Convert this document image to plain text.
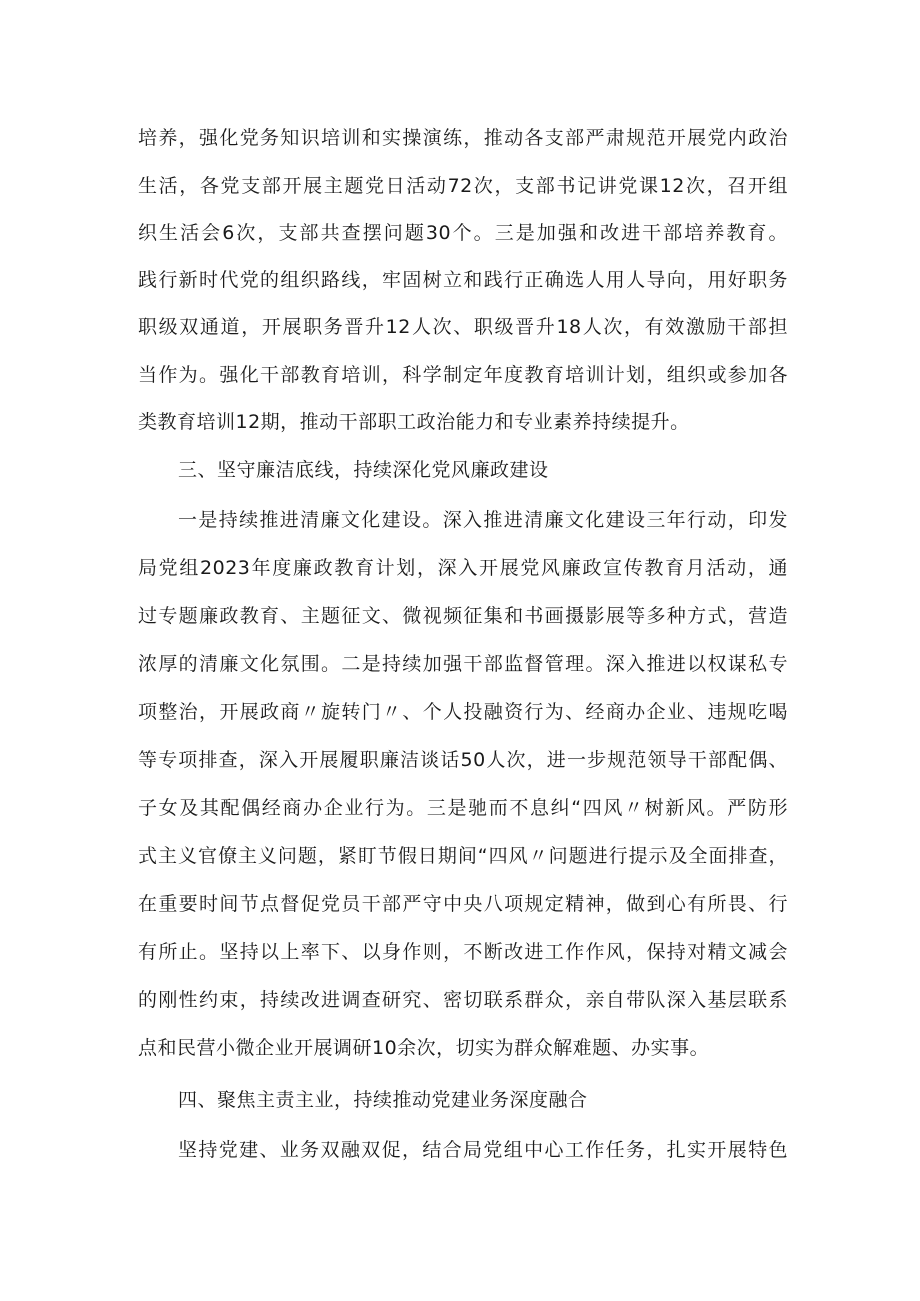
培养，强化党务知识培训和实操演练，推动各支部严肃规范开展党内政治
生活，各党支部开展主题党日活动72次，支部书记讲党课12次，召开组
织生活会6次，支部共查摆问题30个。三是加强和改进干部培养教育。
践行新时代党的组织路线，牢固树立和践行正确选人用人导向，用好职务
职级双通道，开展职务晋升12人次、职级晋升18人次，有效激励干部担
当作为。强化干部教育培训，科学制定年度教育培训计划，组织或参加各
类教育培训12期，推动干部职工政治能力和专业素养持续提升。
三、坚守廉洁底线，持续深化党风廉政建设
一是持续推进清廉文化建设。深入推进清廉文化建设三年行动，印发
局党组2023年度廉政教育计划，深入开展党风廉政宣传教育月活动，通
过专题廉政教育、主题征文、微视频征集和书画摄影展等多种方式，营造
浓厚的清廉文化氛围。二是持续加强干部监督管理。深入推进以权谋私专
项整治，开展政商〃旋转门〃、个人投融资行为、经商办企业、违规吃喝
等专项排查，深入开展履职廉洁谈话50人次，进一步规范领导干部配偶、
子女及其配偶经商办企业行为。三是驰而不息纠“四风〃树新风。严防形
式主义官僚主义问题，紧盯节假日期间“四风〃问题进行提示及全面排查，
在重要时间节点督促党员干部严守中央八项规定精神，做到心有所畏、行
有所止。坚持以上率下、以身作则，不断改进工作作风，保持对精文减会
的刚性约束，持续改进调查研究、密切联系群众，亲自带队深入基层联系
点和民营小微企业开展调研10余次，切实为群众解难题、办实事。
四、聚焦主责主业，持续推动党建业务深度融合
坚持党建、业务双融双促，结合局党组中心工作任务，扎实开展特色
